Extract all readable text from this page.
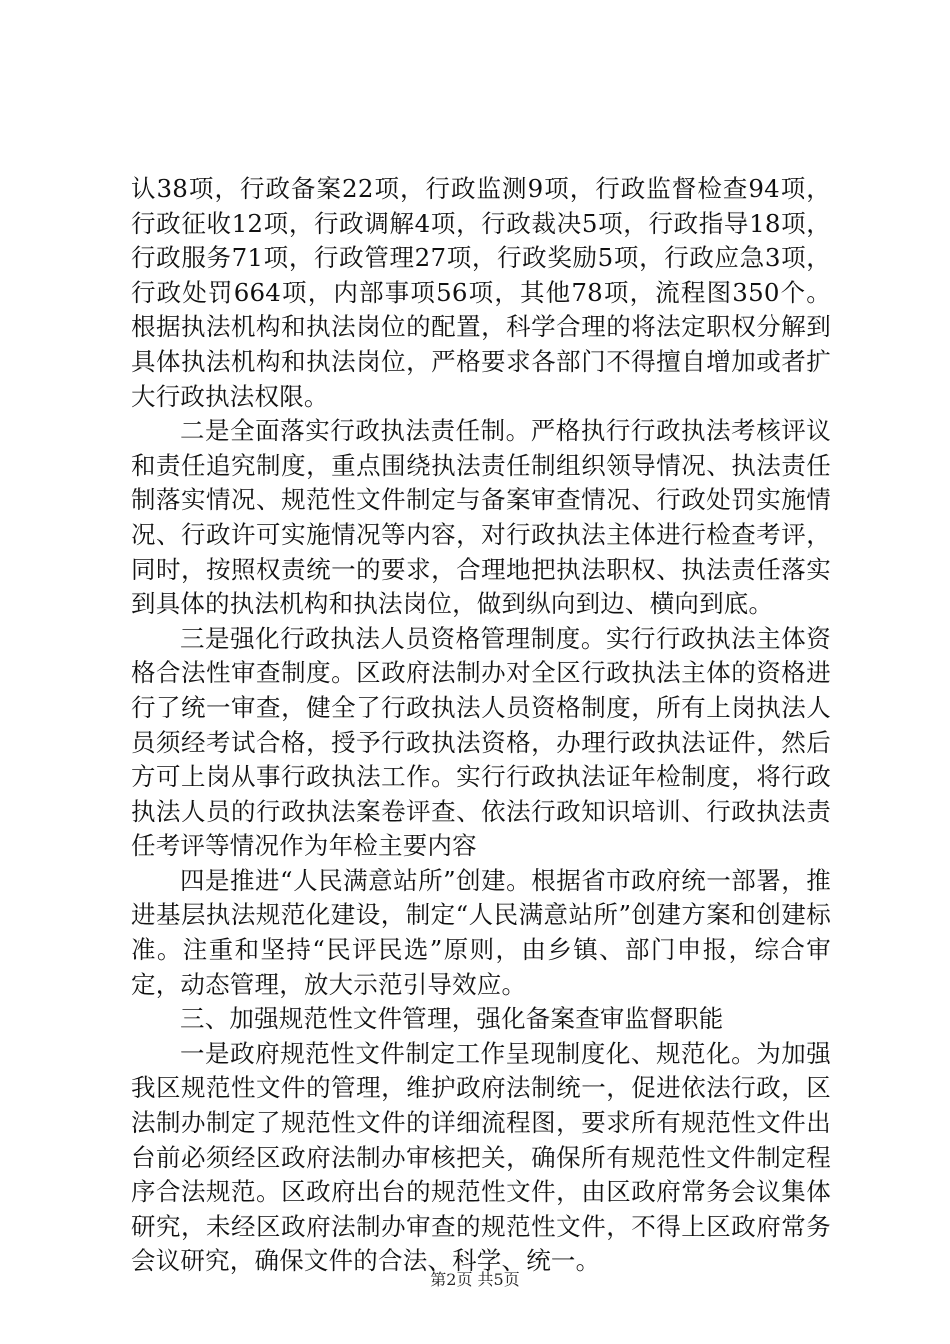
认38项，行政备案22项，行政监测9项，行政监督检查94项，行政征收12项，行政调解4项，行政裁决5项，行政指导18项，行政服务71项，行政管理27项，行政奖励5项，行政应急3项，行政处罚664项，内部事项56项，其他78项，流程图350个。根据执法机构和执法岗位的配置，科学合理的将法定职权分解到具体执法机构和执法岗位，严格要求各部门不得擅自增加或者扩大行政执法权限。

二是全面落实行政执法责任制。严格执行行政执法考核评议和责任追究制度，重点围绕执法责任制组织领导情况、执法责任制落实情况、规范性文件制定与备案审查情况、行政处罚实施情况、行政许可实施情况等内容，对行政执法主体进行检查考评，同时，按照权责统一的要求，合理地把执法职权、执法责任落实到具体的执法机构和执法岗位，做到纵向到边、横向到底。

三是强化行政执法人员资格管理制度。实行行政执法主体资格合法性审查制度。区政府法制办对全区行政执法主体的资格进行了统一审查，健全了行政执法人员资格制度，所有上岗执法人员须经考试合格，授予行政执法资格，办理行政执法证件，然后方可上岗从事行政执法工作。实行行政执法证年检制度，将行政执法人员的行政执法案卷评查、依法行政知识培训、行政执法责任考评等情况作为年检主要内容

四是推进“人民满意站所”创建。根据省市政府统一部署，推进基层执法规范化建设，制定“人民满意站所”创建方案和创建标准。注重和坚持“民评民选”原则，由乡镇、部门申报，综合审定，动态管理，放大示范引导效应。

三、加强规范性文件管理，强化备案查审监督职能

一是政府规范性文件制定工作呈现制度化、规范化。为加强我区规范性文件的管理，维护政府法制统一，促进依法行政，区法制办制定了规范性文件的详细流程图，要求所有规范性文件出台前必须经区政府法制办审核把关，确保所有规范性文件制定程序合法规范。区政府出台的规范性文件，由区政府常务会议集体研究，未经区政府法制办审查的规范性文件，不得上区政府常务会议研究，确保文件的合法、科学、统一。

第2页 共5页
